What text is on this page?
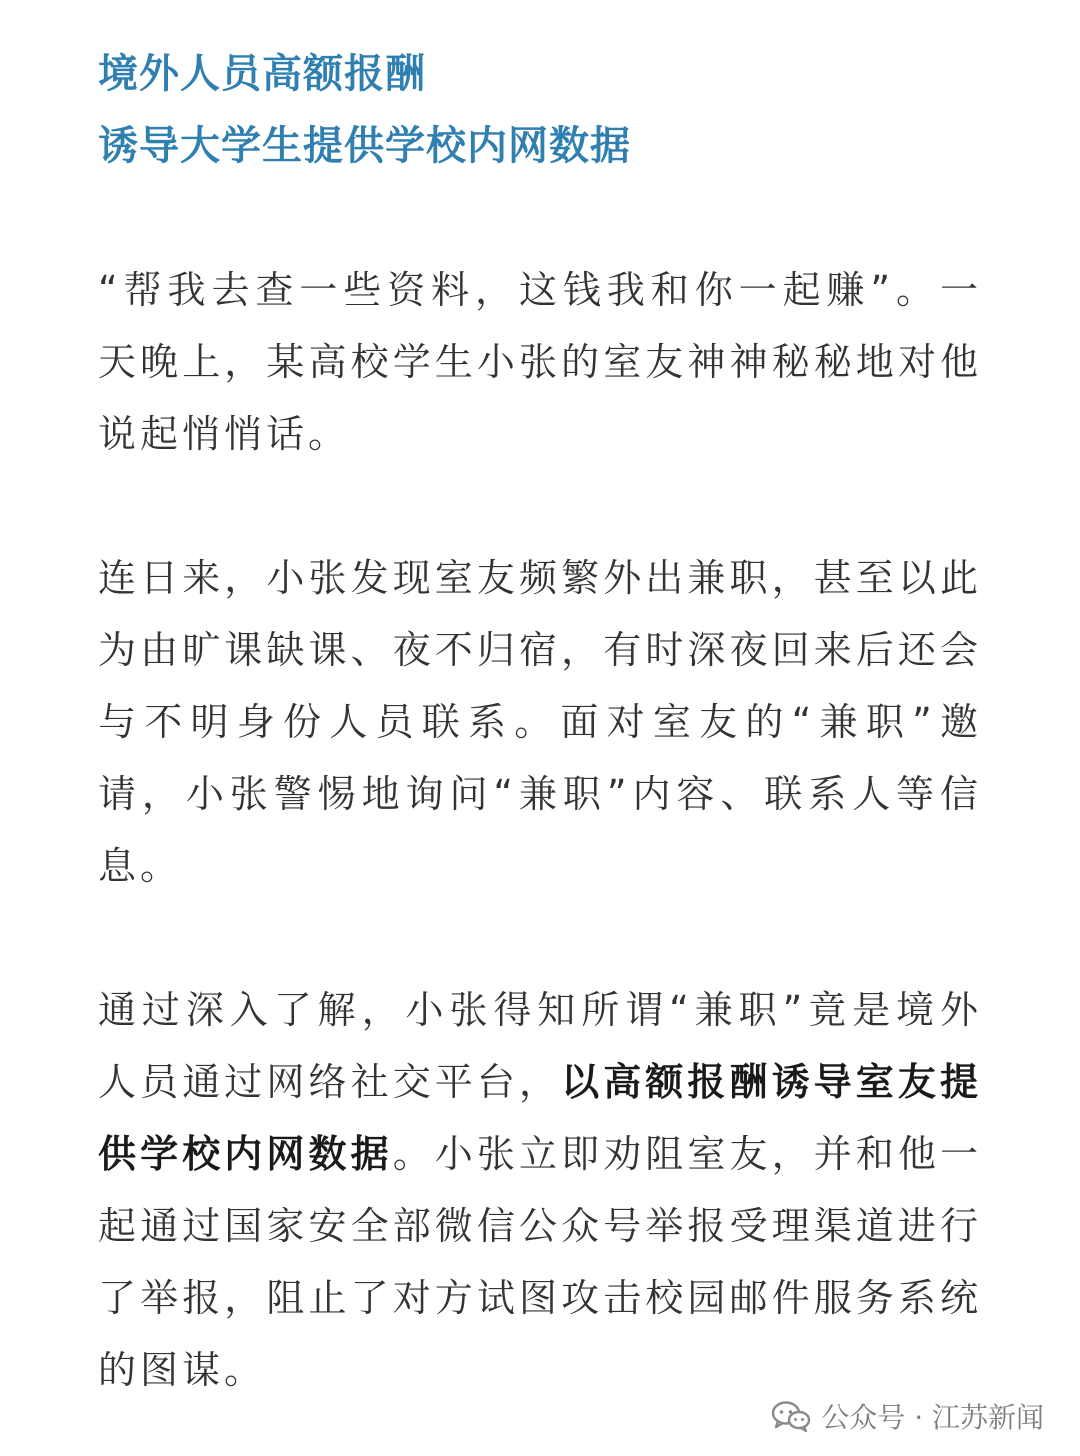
境外人员高额报酬
诱导大学生提供学校内网数据

“帮我去查一些资料，这钱我和你一起赚”。一天晚上，某高校学生小张的室友神神秘秘地对他说起悄悄话。

连日来，小张发现室友频繁外出兼职，甚至以此为由旷课缺课、夜不归宿，有时深夜回来后还会与不明身份人员联系。面对室友的“兼职”邀请，小张警惕地询问“兼职”内容、联系人等信息。

通过深入了解，小张得知所谓“兼职”竟是境外人员通过网络社交平台，以高额报酬诱导室友提供学校内网数据。小张立即劝阻室友，并和他一起通过国家安全部微信公众号举报受理渠道进行了举报，阻止了对方试图攻击校园邮件服务系统的图谋。

公众号 · 江苏新闻
